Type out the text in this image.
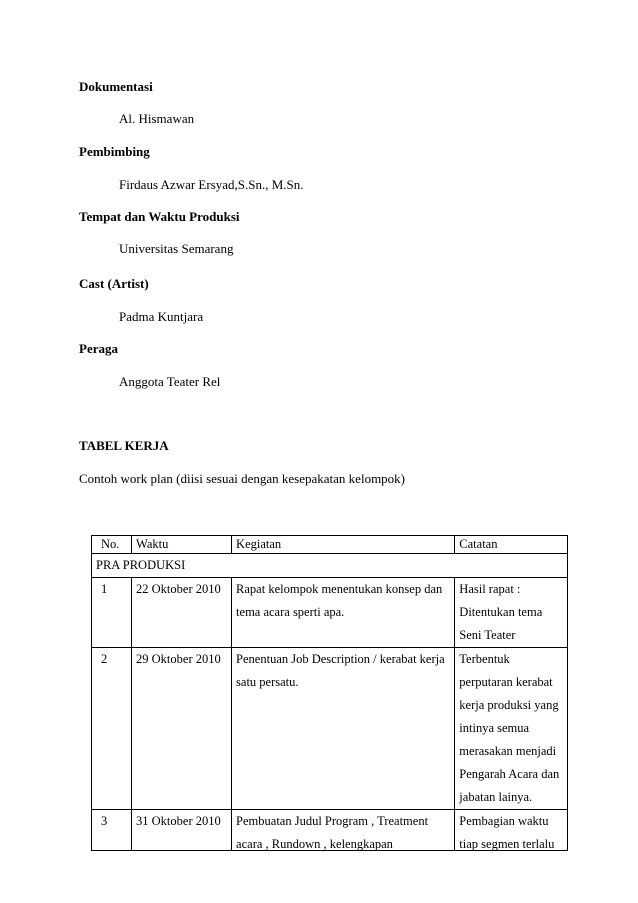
Dokumentasi
Al. Hismawan
Pembimbing
Firdaus Azwar Ersyad,S.Sn., M.Sn.
Tempat dan Waktu Produksi
Universitas Semarang
Cast (Artist)
Padma Kuntjara
Peraga
Anggota Teater Rel
TABEL KERJA
Contoh work plan (diisi sesuai dengan kesepakatan kelompok)
No.	Waktu	Kegiatan	Catatan
PRA PRODUKSI			
1	22 Oktober 2010	Rapat kelompok menentukan konsep dan tema acara sperti apa.	Hasil rapat : Ditentukan tema Seni Teater
2	29 Oktober 2010	Penentuan Job Description / kerabat kerja satu persatu.	Terbentuk perputaran kerabat kerja produksi yang intinya semua merasakan menjadi Pengarah Acara dan jabatan lainya.
3	31 Oktober 2010	Pembuatan Judul Program , Treatment acara , Rundown , kelengkapan	Pembagian waktu tiap segmen terlalu
